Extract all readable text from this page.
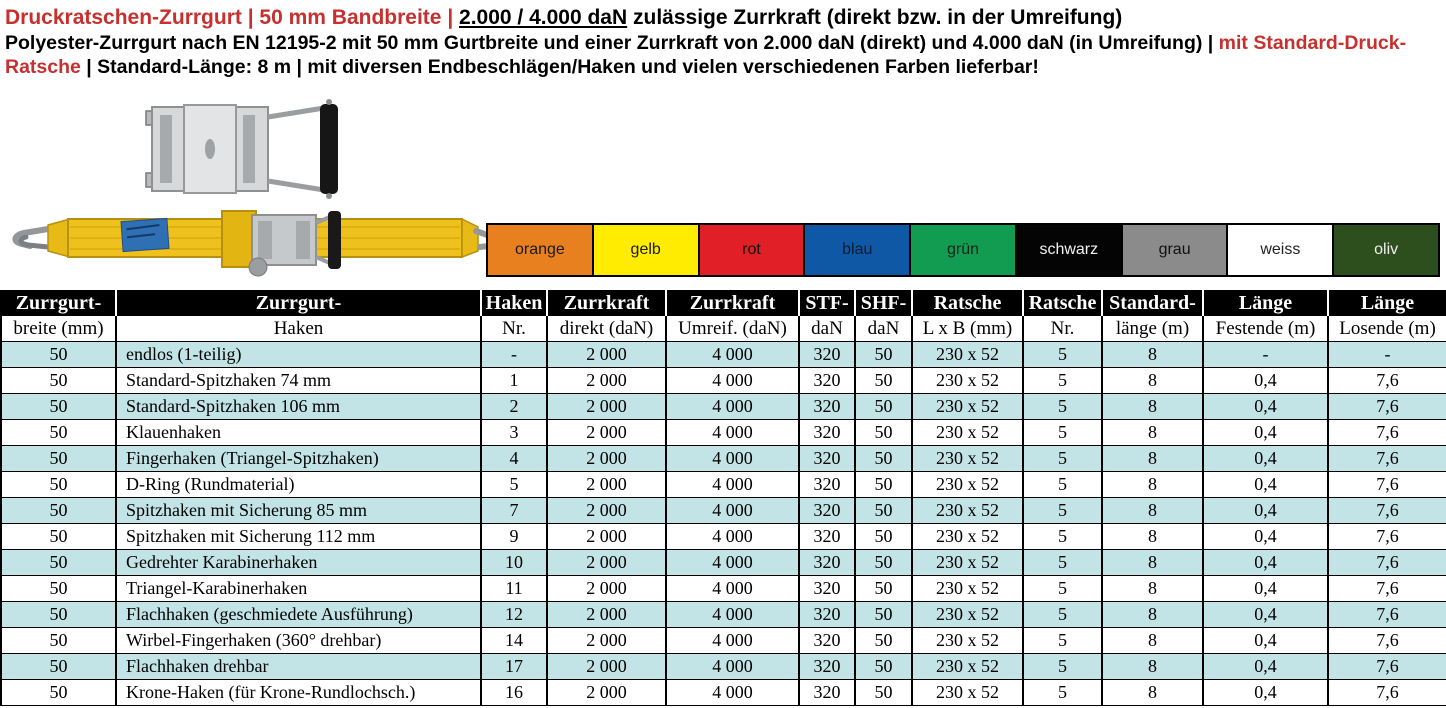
Druckratschen-Zurrgurt | 50 mm Bandbreite | 2.000 / 4.000 daN zulässige Zurrkraft (direkt bzw. in der Umreifung)

Polyester-Zurrgurt nach EN 12195-2 mit 50 mm Gurtbreite und einer Zurrkraft von 2.000 daN (direkt) und 4.000 daN (in Umreifung) | mit Standard-Druck-
Ratsche | Standard-Länge: 8 m | mit diversen Endbeschlägen/Haken und vielen verschiedenen Farben lieferbar!

orange	gelb	rot	blau	grün	schwarz	grau	weiss	oliv
Zurrgurt-	Zurrgurt-	Haken	Zurrkraft	Zurrkraft	STF-	SHF-	Ratsche	Ratsche	Standard-	Länge	Länge
breite (mm)	Haken	Nr.	direkt (daN)	Umreif. (daN)	daN	daN	L x B (mm)	Nr.	länge (m)	Festende (m)	Losende (m)
50	endlos (1-teilig)	-	2 000	4 000	320	50	230 x 52	5	8	-	-
50	Standard-Spitzhaken 74 mm	1	2 000	4 000	320	50	230 x 52	5	8	0,4	7,6
50	Standard-Spitzhaken 106 mm	2	2 000	4 000	320	50	230 x 52	5	8	0,4	7,6
50	Klauenhaken	3	2 000	4 000	320	50	230 x 52	5	8	0,4	7,6
50	Fingerhaken (Triangel-Spitzhaken)	4	2 000	4 000	320	50	230 x 52	5	8	0,4	7,6
50	D-Ring (Rundmaterial)	5	2 000	4 000	320	50	230 x 52	5	8	0,4	7,6
50	Spitzhaken mit Sicherung 85 mm	7	2 000	4 000	320	50	230 x 52	5	8	0,4	7,6
50	Spitzhaken mit Sicherung 112 mm	9	2 000	4 000	320	50	230 x 52	5	8	0,4	7,6
50	Gedrehter Karabinerhaken	10	2 000	4 000	320	50	230 x 52	5	8	0,4	7,6
50	Triangel-Karabinerhaken	11	2 000	4 000	320	50	230 x 52	5	8	0,4	7,6
50	Flachhaken (geschmiedete Ausführung)	12	2 000	4 000	320	50	230 x 52	5	8	0,4	7,6
50	Wirbel-Fingerhaken (360° drehbar)	14	2 000	4 000	320	50	230 x 52	5	8	0,4	7,6
50	Flachhaken drehbar	17	2 000	4 000	320	50	230 x 52	5	8	0,4	7,6
50	Krone-Haken (für Krone-Rundlochsch.)	16	2 000	4 000	320	50	230 x 52	5	8	0,4	7,6
